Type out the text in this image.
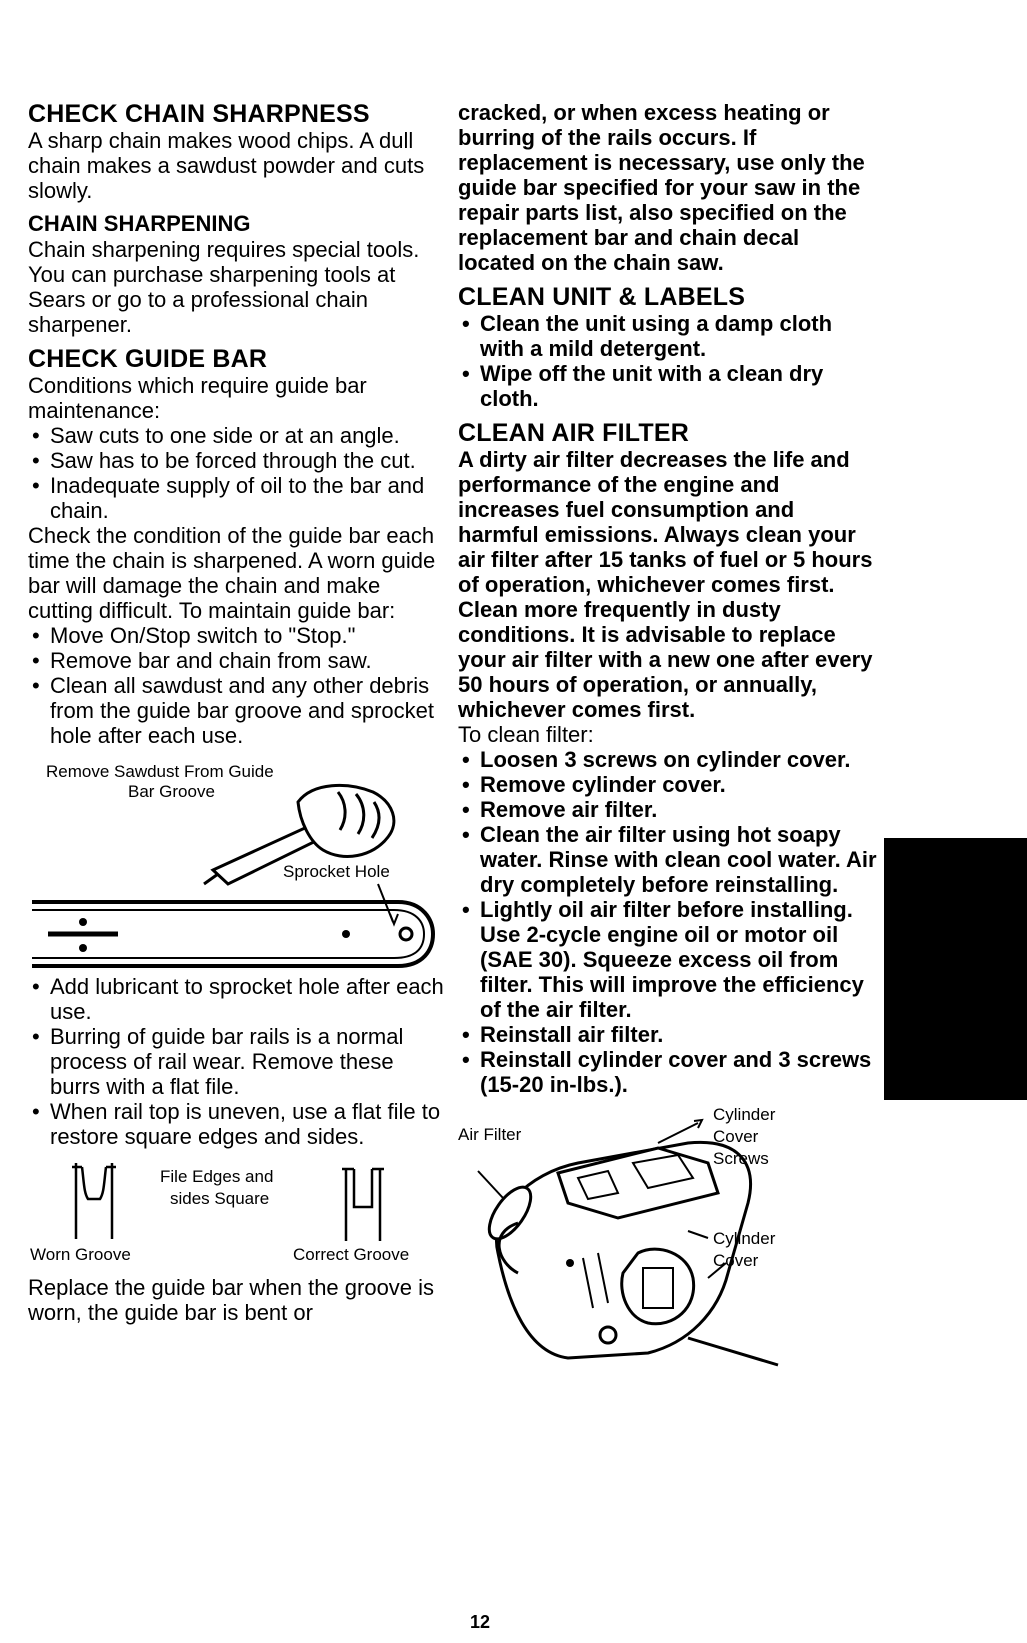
CHECK CHAIN SHARPNESS

A sharp chain makes wood chips. A dull chain makes a sawdust powder and cuts slowly.

CHAIN SHARPENING

Chain sharpening requires special tools. You can purchase sharpening tools at Sears or go to a professional chain sharpener.

CHECK GUIDE BAR

Conditions which require guide bar maintenance:

• Saw cuts to one side or at an angle.
• Saw has to be forced through the cut.
• Inadequate supply of oil to the bar and chain.

Check the condition of the guide bar each time the chain is sharpened. A worn guide bar will damage the chain and make cutting difficult. To maintain guide bar:

• Move On/Stop switch to "Stop."
• Remove bar and chain from saw.
• Clean all sawdust and any other debris from the guide bar groove and sprocket hole after each use.
Remove Sawdust From Guide
Bar Groove
Sprocket Hole
• Add lubricant to sprocket hole after each use.
• Burring of guide bar rails is a normal process of rail wear. Remove these burrs with a flat file.
• When rail top is uneven, use a flat file to restore square edges and sides.
File Edges and
sides Square
Worn Groove	Correct Groove

Replace the guide bar when the groove is worn, the guide bar is bent or

cracked, or when excess heating or burring of the rails occurs. If replacement is necessary, use only the guide bar specified for your saw in the repair parts list, also specified on the replacement bar and chain decal located on the chain saw.

CLEAN UNIT & LABELS
• Clean the unit using a damp cloth with a mild detergent.
• Wipe off the unit with a clean dry cloth.
CLEAN AIR FILTER

A dirty air filter decreases the life and performance of the engine and increases fuel consumption and harmful emissions. Always clean your air filter after 15 tanks of fuel or 5 hours of operation, whichever comes first. Clean more frequently in dusty conditions. It is advisable to replace your air filter with a new one after every 50 hours of operation, or annually, whichever comes first.

To clean filter:

• Loosen 3 screws on cylinder cover.
• Remove cylinder cover.
• Remove air filter.
• Clean the air filter using hot soapy water. Rinse with clean cool water. Air dry completely before reinstalling.
• Lightly oil air filter before installing. Use 2-cycle engine oil or motor oil (SAE 30). Squeeze excess oil from filter. This will improve the efficiency of the air filter.
• Reinstall air filter.
• Reinstall cylinder cover and 3 screws (15-20 in-lbs.).
Air Filter
Cylinder
Cover
Screws
Cylinder
Cover
12
